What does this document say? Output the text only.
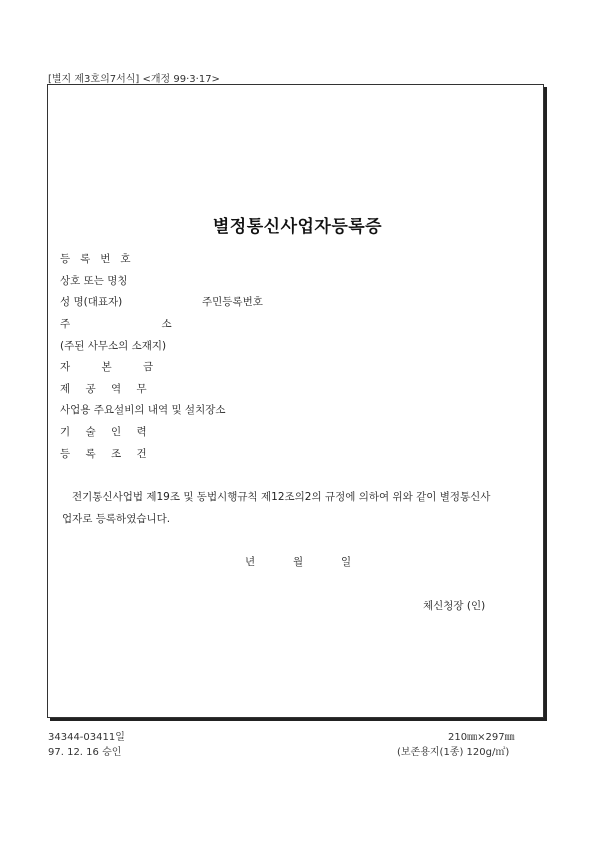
[별지 제3호의7서식] <개정 99·3·17>
별정통신사업자등록증
등록번호
상호 또는 명칭
성 명(대표자)	주민등록번호
주 소
(주된 사무소의 소재지)
자 본 금
제 공 역 무
사업용 주요설비의 내역 및 설치장소
기 술 인 력
등 록 조 건
전기통신사업법 제19조 및 동법시행규칙 제12조의2의 규정에 의하여 위와 같이 별정통신사
업자로 등록하였습니다.
년	월	일
체신청장 (인)
34344-03411일
97. 12. 16 승인
210㎜×297㎜
(보존용지(1종) 120g/㎡)
